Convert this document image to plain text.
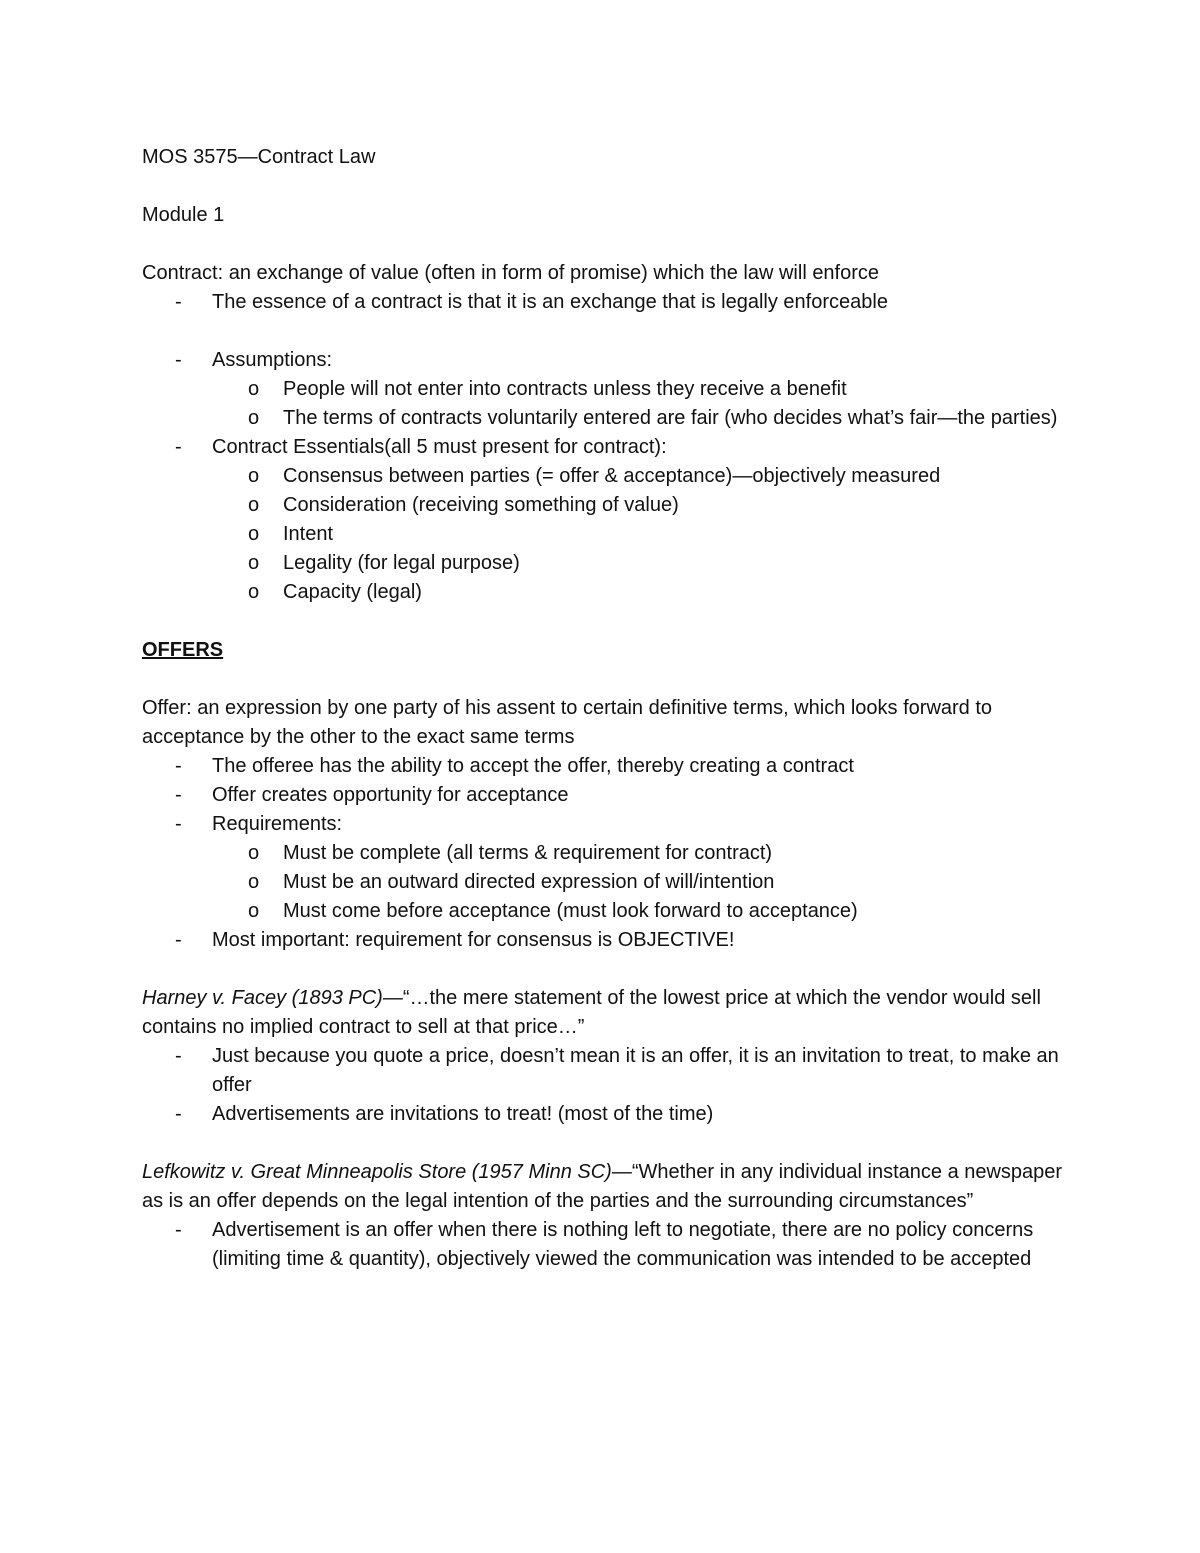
MOS 3575—Contract Law
Module 1
Contract: an exchange of value (often in form of promise) which the law will enforce
- The essence of a contract is that it is an exchange that is legally enforceable
- Assumptions:
o People will not enter into contracts unless they receive a benefit
o The terms of contracts voluntarily entered are fair (who decides what’s fair—the parties)
- Contract Essentials(all 5 must present for contract):
o Consensus between parties (= offer & acceptance)—objectively measured
o Consideration (receiving something of value)
o Intent
o Legality (for legal purpose)
o Capacity (legal)
OFFERS
Offer: an expression by one party of his assent to certain definitive terms, which looks forward to acceptance by the other to the exact same terms
- The offeree has the ability to accept the offer, thereby creating a contract
- Offer creates opportunity for acceptance
- Requirements:
o Must be complete (all terms & requirement for contract)
o Must be an outward directed expression of will/intention
o Must come before acceptance (must look forward to acceptance)
- Most important: requirement for consensus is OBJECTIVE!
Harney v. Facey (1893 PC)—“…the mere statement of the lowest price at which the vendor would sell contains no implied contract to sell at that price…”
- Just because you quote a price, doesn’t mean it is an offer, it is an invitation to treat, to make an offer
- Advertisements are invitations to treat! (most of the time)
Lefkowitz v. Great Minneapolis Store (1957 Minn SC)—“Whether in any individual instance a newspaper as is an offer depends on the legal intention of the parties and the surrounding circumstances”
- Advertisement is an offer when there is nothing left to negotiate, there are no policy concerns (limiting time & quantity), objectively viewed the communication was intended to be accepted
